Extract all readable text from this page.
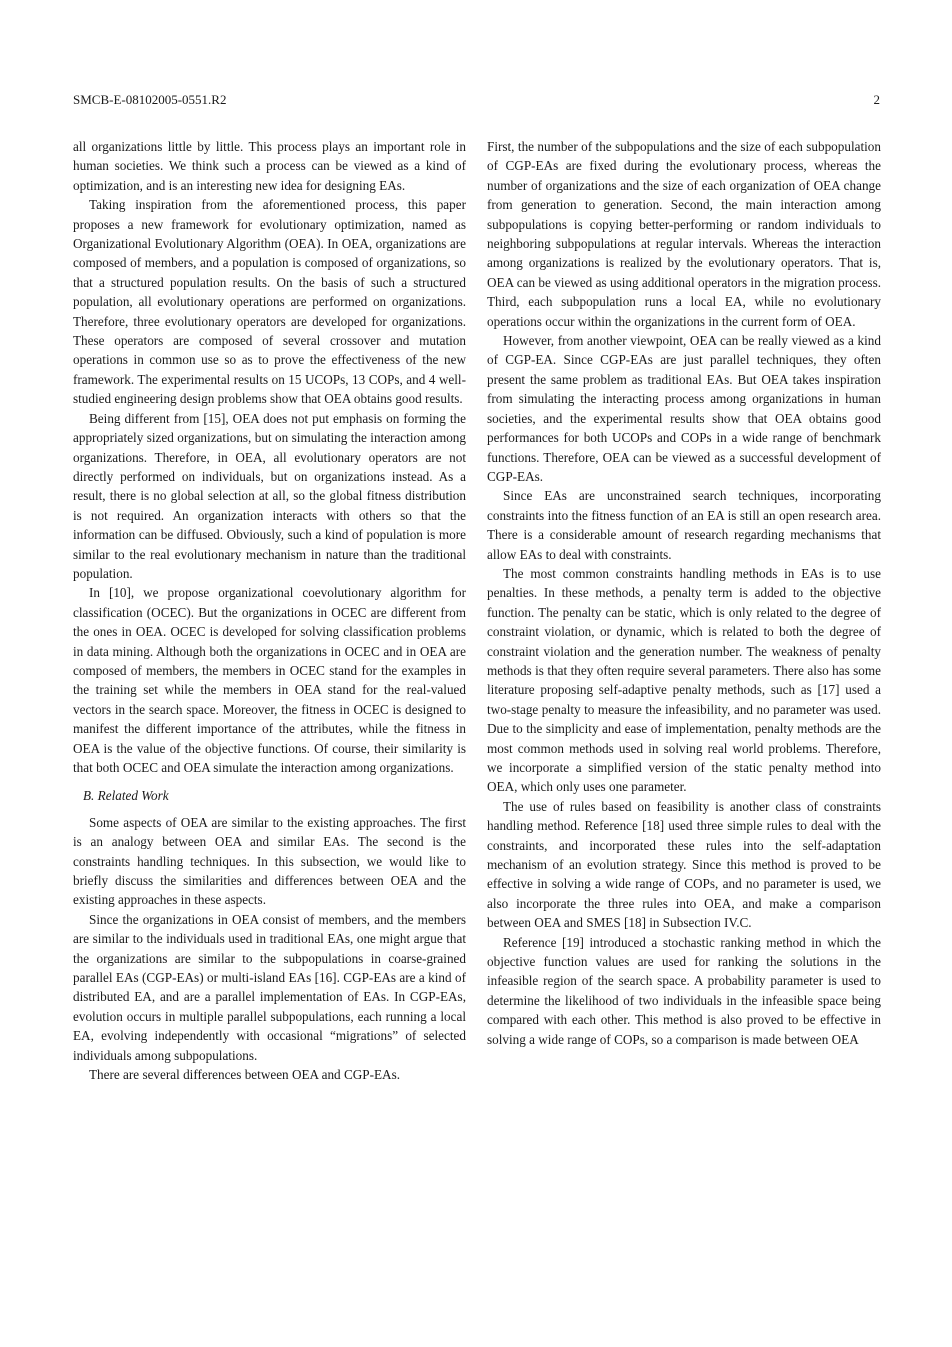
SMCB-E-08102005-0551.R2	2

all organizations little by little. This process plays an important role in human societies. We think such a process can be viewed as a kind of optimization, and is an interesting new idea for designing EAs.

Taking inspiration from the aforementioned process, this paper proposes a new framework for evolutionary optimization, named as Organizational Evolutionary Algorithm (OEA). In OEA, organizations are composed of members, and a population is composed of organizations, so that a structured population results. On the basis of such a structured population, all evolutionary operations are performed on organizations. Therefore, three evolutionary operators are developed for organizations. These operators are composed of several crossover and mutation operations in common use so as to prove the effectiveness of the new framework. The experimental results on 15 UCOPs, 13 COPs, and 4 well-studied engineering design problems show that OEA obtains good results.

Being different from [15], OEA does not put emphasis on forming the appropriately sized organizations, but on simulating the interaction among organizations. Therefore, in OEA, all evolutionary operators are not directly performed on individuals, but on organizations instead. As a result, there is no global selection at all, so the global fitness distribution is not required. An organization interacts with others so that the information can be diffused. Obviously, such a kind of population is more similar to the real evolutionary mechanism in nature than the traditional population.

In [10], we propose organizational coevolutionary algorithm for classification (OCEC). But the organizations in OCEC are different from the ones in OEA. OCEC is developed for solving classification problems in data mining. Although both the organizations in OCEC and in OEA are composed of members, the members in OCEC stand for the examples in the training set while the members in OEA stand for the real-valued vectors in the search space. Moreover, the fitness in OCEC is designed to manifest the different importance of the attributes, while the fitness in OEA is the value of the objective functions. Of course, their similarity is that both OCEC and OEA simulate the interaction among organizations.

B. Related Work

Some aspects of OEA are similar to the existing approaches. The first is an analogy between OEA and similar EAs. The second is the constraints handling techniques. In this subsection, we would like to briefly discuss the similarities and differences between OEA and the existing approaches in these aspects.

Since the organizations in OEA consist of members, and the members are similar to the individuals used in traditional EAs, one might argue that the organizations are similar to the subpopulations in coarse-grained parallel EAs (CGP-EAs) or multi-island EAs [16]. CGP-EAs are a kind of distributed EA, and are a parallel implementation of EAs. In CGP-EAs, evolution occurs in multiple parallel subpopulations, each running a local EA, evolving independently with occasional “migrations” of selected individuals among subpopulations.

There are several differences between OEA and CGP-EAs.

First, the number of the subpopulations and the size of each subpopulation of CGP-EAs are fixed during the evolutionary process, whereas the number of organizations and the size of each organization of OEA change from generation to generation. Second, the main interaction among subpopulations is copying better-performing or random individuals to neighboring subpopulations at regular intervals. Whereas the interaction among organizations is realized by the evolutionary operators. That is, OEA can be viewed as using additional operators in the migration process. Third, each subpopulation runs a local EA, while no evolutionary operations occur within the organizations in the current form of OEA.

However, from another viewpoint, OEA can be really viewed as a kind of CGP-EA. Since CGP-EAs are just parallel techniques, they often present the same problem as traditional EAs. But OEA takes inspiration from simulating the interacting process among organizations in human societies, and the experimental results show that OEA obtains good performances for both UCOPs and COPs in a wide range of benchmark functions. Therefore, OEA can be viewed as a successful development of CGP-EAs.

Since EAs are unconstrained search techniques, incorporating constraints into the fitness function of an EA is still an open research area. There is a considerable amount of research regarding mechanisms that allow EAs to deal with constraints.

The most common constraints handling methods in EAs is to use penalties. In these methods, a penalty term is added to the objective function. The penalty can be static, which is only related to the degree of constraint violation, or dynamic, which is related to both the degree of constraint violation and the generation number. The weakness of penalty methods is that they often require several parameters. There also has some literature proposing self-adaptive penalty methods, such as [17] used a two-stage penalty to measure the infeasibility, and no parameter was used. Due to the simplicity and ease of implementation, penalty methods are the most common methods used in solving real world problems. Therefore, we incorporate a simplified version of the static penalty method into OEA, which only uses one parameter.

The use of rules based on feasibility is another class of constraints handling method. Reference [18] used three simple rules to deal with the constraints, and incorporated these rules into the self-adaptation mechanism of an evolution strategy. Since this method is proved to be effective in solving a wide range of COPs, and no parameter is used, we also incorporate the three rules into OEA, and make a comparison between OEA and SMES [18] in Subsection IV.C.

Reference [19] introduced a stochastic ranking method in which the objective function values are used for ranking the solutions in the infeasible region of the search space. A probability parameter is used to determine the likelihood of two individuals in the infeasible space being compared with each other. This method is also proved to be effective in solving a wide range of COPs, so a comparison is made between OEA
